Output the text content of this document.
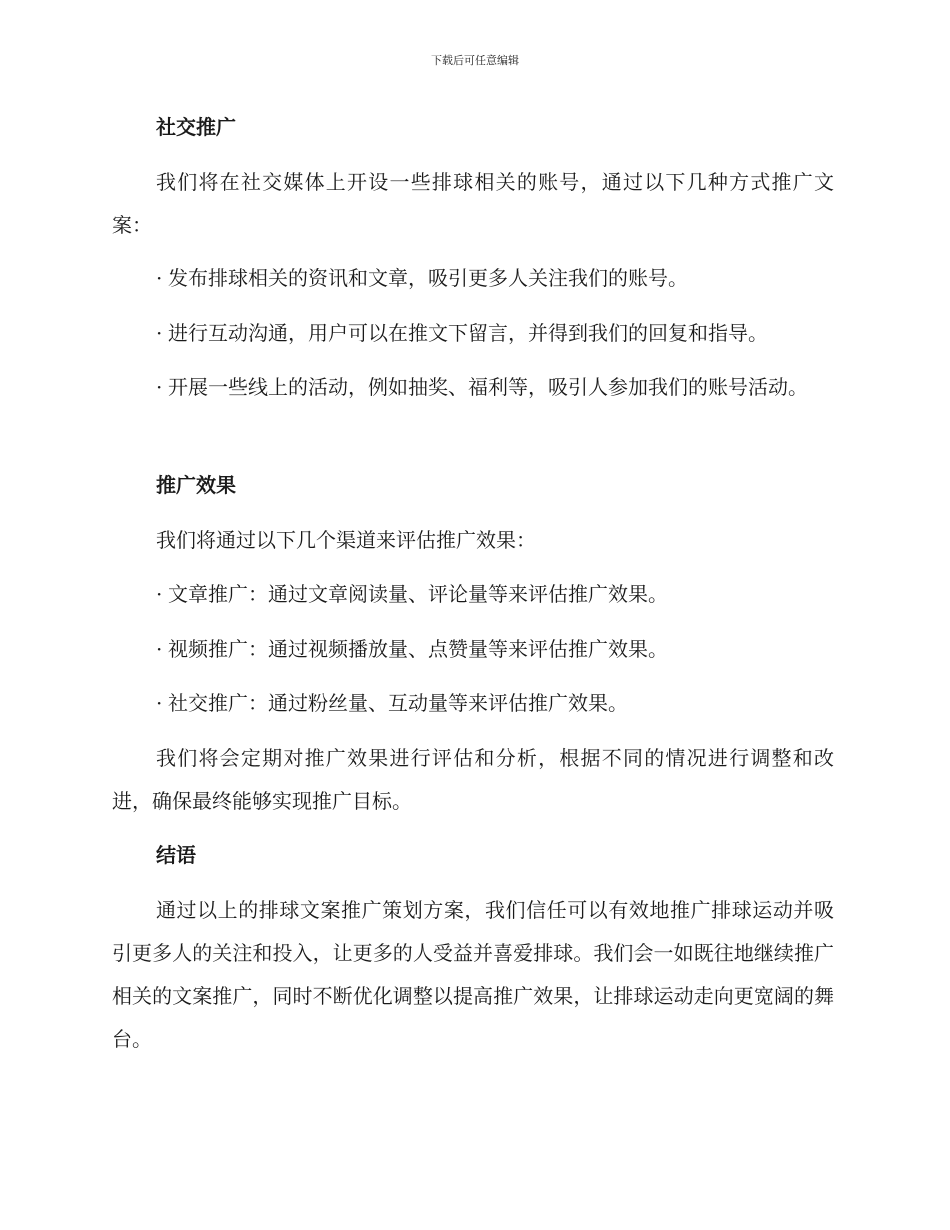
下载后可任意编辑

社交推广

我们将在社交媒体上开设一些排球相关的账号，通过以下几种方式推广文案：

· 发布排球相关的资讯和文章，吸引更多人关注我们的账号。

· 进行互动沟通，用户可以在推文下留言，并得到我们的回复和指导。

· 开展一些线上的活动，例如抽奖、福利等，吸引人参加我们的账号活动。

推广效果

我们将通过以下几个渠道来评估推广效果：

· 文章推广：通过文章阅读量、评论量等来评估推广效果。

· 视频推广：通过视频播放量、点赞量等来评估推广效果。

· 社交推广：通过粉丝量、互动量等来评估推广效果。

我们将会定期对推广效果进行评估和分析，根据不同的情况进行调整和改进，确保最终能够实现推广目标。

结语

通过以上的排球文案推广策划方案，我们信任可以有效地推广排球运动并吸引更多人的关注和投入，让更多的人受益并喜爱排球。我们会一如既往地继续推广相关的文案推广，同时不断优化调整以提高推广效果，让排球运动走向更宽阔的舞台。
